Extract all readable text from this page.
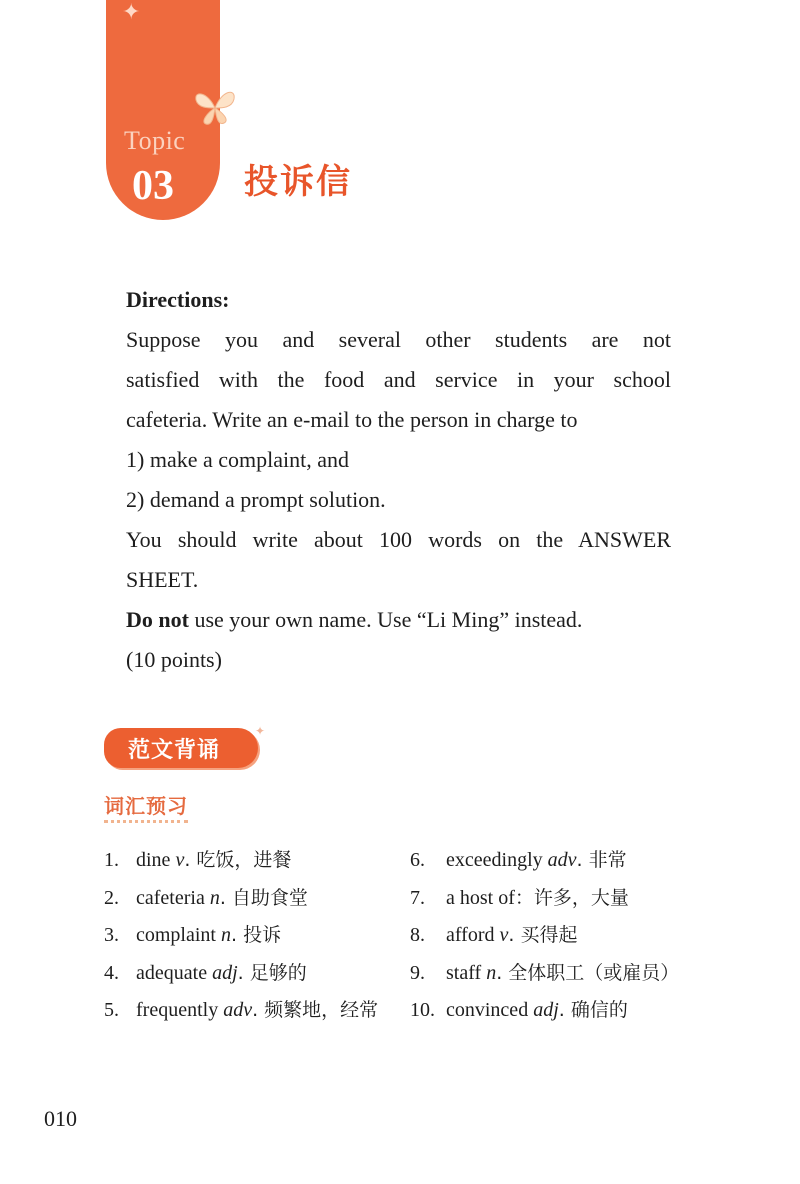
✦
Topic
03 投诉信

Directions:

Suppose you and several other students are not

satisfied with the food and service in your school

cafeteria. Write an e-mail to the person in charge to

1) make a complaint, and

2) demand a prompt solution.

You should write about 100 words on the ANSWER

SHEET.

Do not use your own name. Use “Li Ming” instead.

(10 points)

范文背诵
✦
词汇预习
1. dine v. 吃饭，进餐
2. cafeteria n. 自助食堂
3. complaint n. 投诉
4. adequate adj. 足够的
5. frequently adv. 频繁地，经常
6. exceedingly adv. 非常
7. a host of：许多，大量
8. afford v. 买得起
9. staff n. 全体职工（或雇员）
10. convinced adj. 确信的
010
